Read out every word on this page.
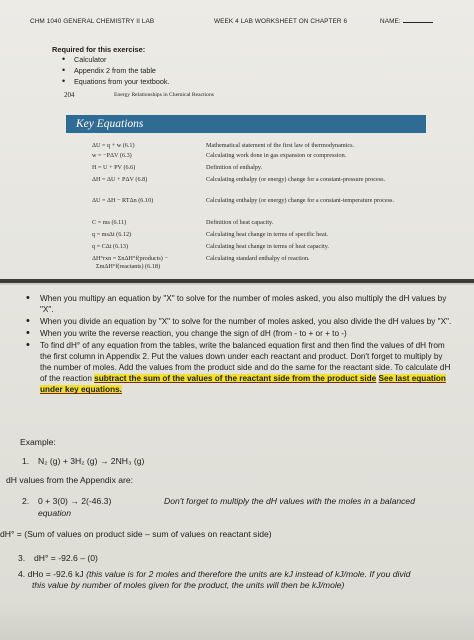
CHM 1040 GENERAL CHEMISTRY II LAB	WEEK 4 LAB WORKSHEET ON CHAPTER 6	NAME:
Required for this exercise:
• Calculator
• Appendix 2 from the table
• Equations from your textbook.
204	Energy Relationships in Chemical Reactions
Key Equations
ΔU = q + w (6.1)	Mathematical statement of the first law of thermodynamics.
w = −PΔV (6.3)	Calculating work done in gas expansion or compression.
H = U + PV (6.6)	Definition of enthalpy.
ΔH = ΔU + PΔV (6.8)	Calculating enthalpy (or energy) change for a constant-pressure process.
ΔU = ΔH − RTΔn (6.10)	Calculating enthalpy (or energy) change for a constant-temperature process.
C = ms (6.11)	Definition of heat capacity.
q = msΔt (6.12)	Calculating heat change in terms of specific heat.
q = CΔt (6.13)	Calculating heat change in terms of heat capacity.
ΔH°rxn = ΣnΔH°f(products) −
ΣmΔH°f(reactants) (6.18)
Calculating standard enthalpy of reaction.
• When you multipy an equation by "X" to solve for the number of moles asked, you also multiply the dH values by "X".
• When you divide an equation by "X" to solve for the number of moles asked, you also divide the dH values by "X".
• When you write the reverse reaction, you change the sign of dH (from - to + or + to -)
• To find dH° of any equation from the tables, write the balanced equation first and then find the values of dH from the first column in Appendix 2. Put the values down under each reactant and product. Don't forget to multiply by the number of moles. Add the values from the product side and do the same for the reactant side. To calculate dH of the reaction subtract the sum of the values of the reactant side from the product side See last equation under key equations.
Example:
1. N₂ (g) + 3H₂ (g) → 2NH₃ (g)
dH values from the Appendix are:
2. 0 + 3(0) → 2(-46.3)	Don't forget to multiply the dH values with the moles in a balanced
equation
dH° = (Sum of values on product side – sum of values on reactant side)
3. dH° = -92.6 – (0)
4. dHo = -92.6 kJ (this value is for 2 moles and therefore the units are kJ instead of kJ/mole. If you divid
this value by number of moles given for the product, the units will then be kJ/mole)
